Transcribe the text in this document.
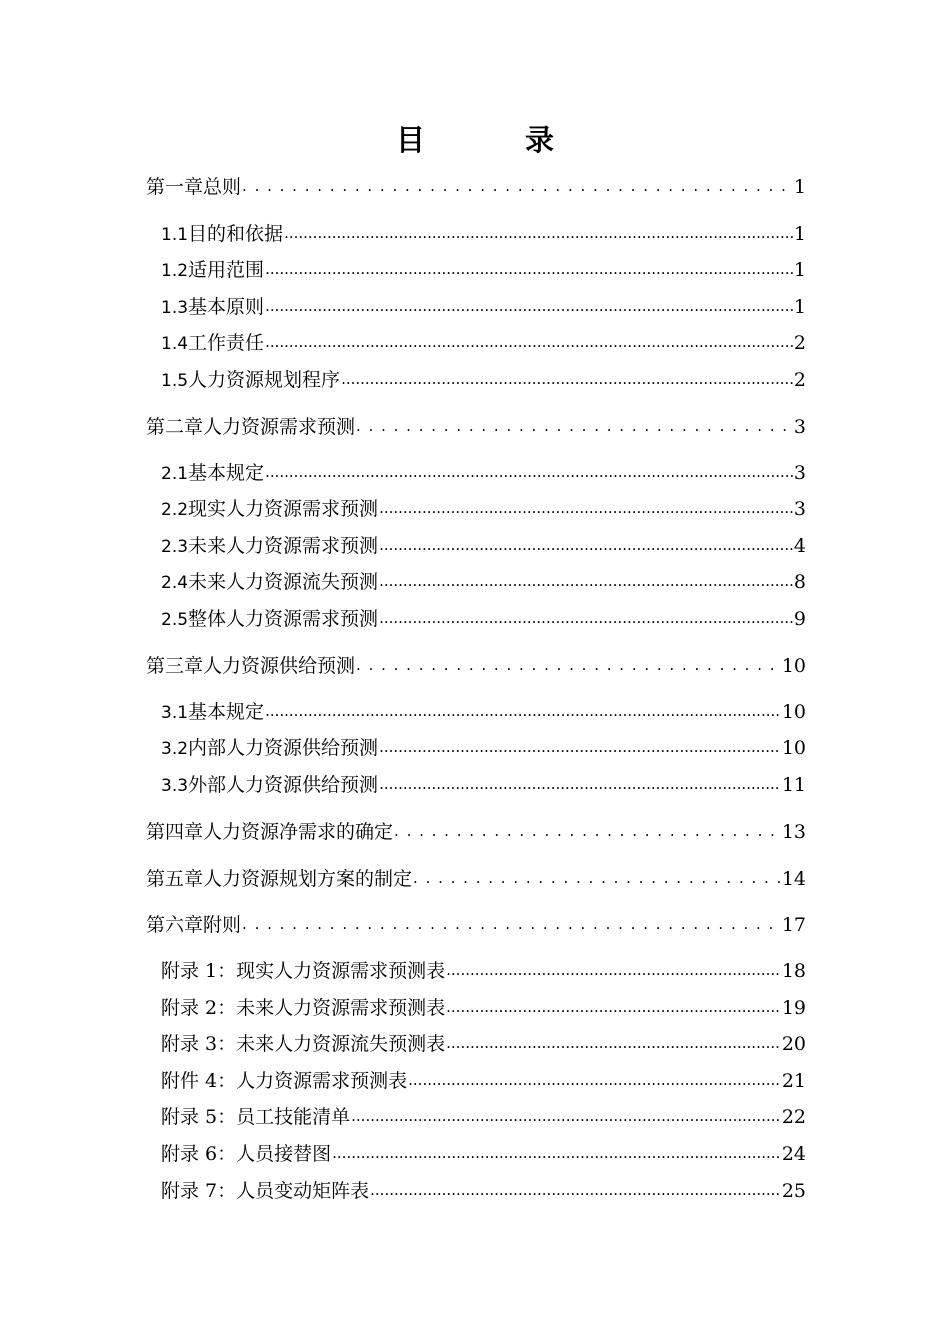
目	录
第一章 总则 . . .	1
1.1 目的和依据 .....	1
1.2 适用范围 .....	1
1.3 基本原则 .....	1
1.4 工作责任 .....	2
1.5 人力资源规划程序 .....	2
第二章 人力资源需求预测 . . .	3
2.1 基本规定 .....	3
2.2 现实人力资源需求预测 .....	3
2.3 未来人力资源需求预测 .....	4
2.4 未来人力资源流失预测 .....	8
2.5 整体人力资源需求预测 .....	9
第三章 人力资源供给预测 . . .	10
3.1 基本规定 .....	10
3.2 内部人力资源供给预测 .....	10
3.3 外部人力资源供给预测 .....	11
第四章 人力资源净需求的确定 . . .	13
第五章 人力资源规划方案的制定 . . .	14
第六章 附则 . . .	17
附录 1：现实人力资源需求预测表 .....	18
附录 2：未来人力资源需求预测表 .....	19
附录 3：未来人力资源流失预测表 .....	20
附件 4：人力资源需求预测表 .....	21
附录 5：员工技能清单 .....	22
附录 6：人员接替图 .....	24
附录 7：人员变动矩阵表 .....	25
